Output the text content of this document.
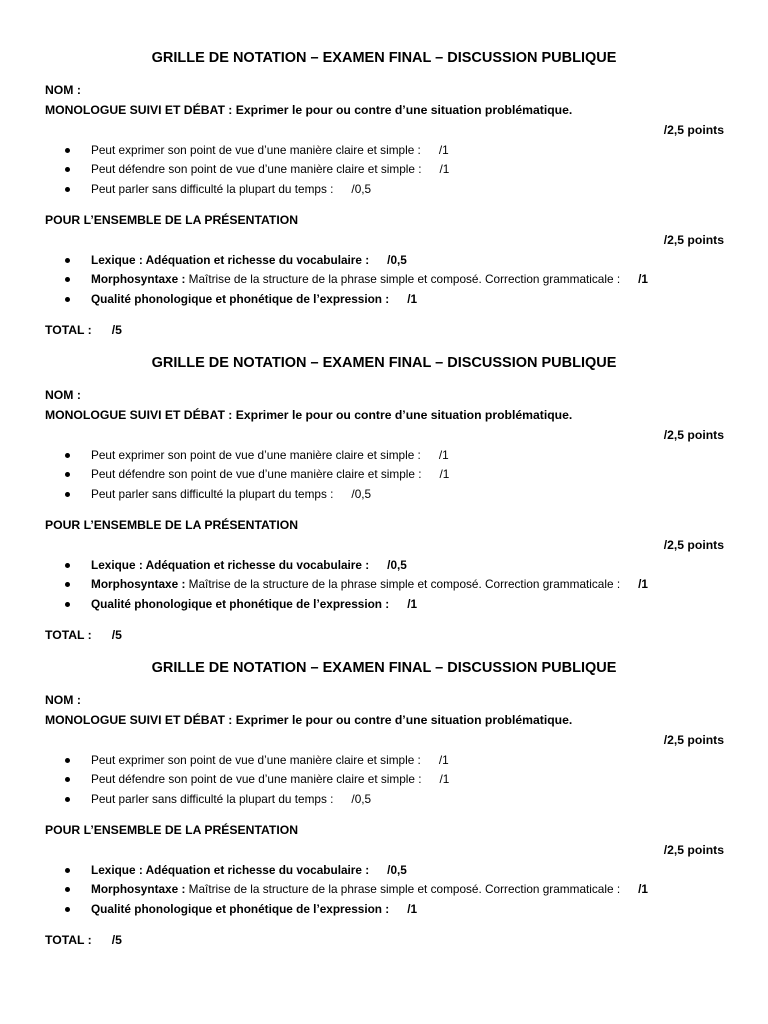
GRILLE DE NOTATION – EXAMEN FINAL – DISCUSSION PUBLIQUE
NOM :
MONOLOGUE SUIVI ET DÉBAT : Exprimer le pour ou contre d’une situation problématique.
/2,5 points
Peut exprimer son point de vue d’une manière claire et simple : /1
Peut défendre son point de vue d’une manière claire et simple : /1
Peut parler sans difficulté la plupart du temps : /0,5
POUR L’ENSEMBLE DE LA PRÉSENTATION
/2,5 points
Lexique : Adéquation et richesse du vocabulaire : /0,5
Morphosyntaxe : Maîtrise de la structure de la phrase simple et composé. Correction grammaticale : /1
Qualité phonologique et phonétique de l’expression : /1
TOTAL : /5
GRILLE DE NOTATION – EXAMEN FINAL – DISCUSSION PUBLIQUE
NOM :
MONOLOGUE SUIVI ET DÉBAT : Exprimer le pour ou contre d’une situation problématique.
/2,5 points
Peut exprimer son point de vue d’une manière claire et simple : /1
Peut défendre son point de vue d’une manière claire et simple : /1
Peut parler sans difficulté la plupart du temps : /0,5
POUR L’ENSEMBLE DE LA PRÉSENTATION
/2,5 points
Lexique : Adéquation et richesse du vocabulaire : /0,5
Morphosyntaxe : Maîtrise de la structure de la phrase simple et composé. Correction grammaticale : /1
Qualité phonologique et phonétique de l’expression : /1
TOTAL : /5
GRILLE DE NOTATION – EXAMEN FINAL – DISCUSSION PUBLIQUE
NOM :
MONOLOGUE SUIVI ET DÉBAT : Exprimer le pour ou contre d’une situation problématique.
/2,5 points
Peut exprimer son point de vue d’une manière claire et simple : /1
Peut défendre son point de vue d’une manière claire et simple : /1
Peut parler sans difficulté la plupart du temps : /0,5
POUR L’ENSEMBLE DE LA PRÉSENTATION
/2,5 points
Lexique : Adéquation et richesse du vocabulaire : /0,5
Morphosyntaxe : Maîtrise de la structure de la phrase simple et composé. Correction grammaticale : /1
Qualité phonologique et phonétique de l’expression : /1
TOTAL : /5
